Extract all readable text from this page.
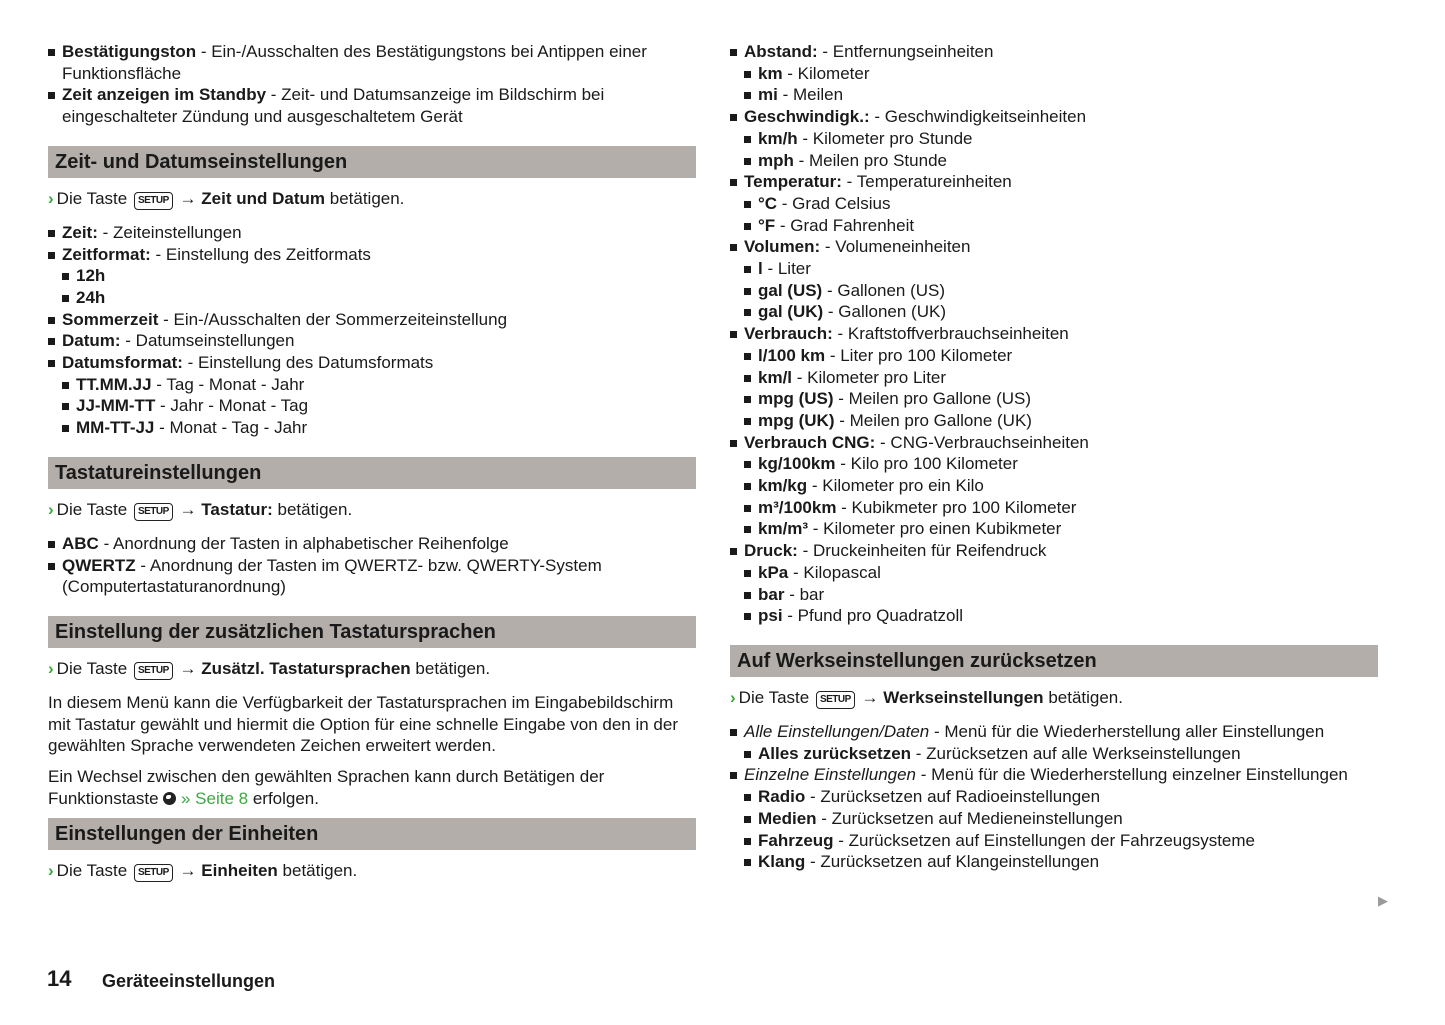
Bestätigungston - Ein-/Ausschalten des Bestätigungstons bei Antippen einer Funktionsfläche
Zeit anzeigen im Standby - Zeit- und Datumsanzeige im Bildschirm bei eingeschalteter Zündung und ausgeschaltetem Gerät
Zeit- und Datumseinstellungen
› Die Taste SETUP → Zeit und Datum betätigen.
Zeit: - Zeiteinstellungen
Zeitformat: - Einstellung des Zeitformats
12h
24h
Sommerzeit - Ein-/Ausschalten der Sommerzeiteinstellung
Datum: - Datumseinstellungen
Datumsformat: - Einstellung des Datumsformats
TT.MM.JJ - Tag - Monat - Jahr
JJ-MM-TT - Jahr - Monat - Tag
MM-TT-JJ - Monat - Tag - Jahr
Tastatureinstellungen
› Die Taste SETUP → Tastatur: betätigen.
ABC - Anordnung der Tasten in alphabetischer Reihenfolge
QWERTZ - Anordnung der Tasten im QWERTZ- bzw. QWERTY-System (Computertastaturanordnung)
Einstellung der zusätzlichen Tastatursprachen
› Die Taste SETUP → Zusätzl. Tastatursprachen betätigen.
In diesem Menü kann die Verfügbarkeit der Tastatursprachen im Eingabebildschirm mit Tastatur gewählt und hiermit die Option für eine schnelle Eingabe von den in der gewählten Sprache verwendeten Zeichen erweitert werden.
Ein Wechsel zwischen den gewählten Sprachen kann durch Betätigen der Funktionstaste  » Seite 8 erfolgen.
Einstellungen der Einheiten
› Die Taste SETUP → Einheiten betätigen.
Abstand: - Entfernungseinheiten
km - Kilometer
mi - Meilen
Geschwindigk.: - Geschwindigkeitseinheiten
km/h - Kilometer pro Stunde
mph - Meilen pro Stunde
Temperatur: - Temperatureinheiten
°C - Grad Celsius
°F - Grad Fahrenheit
Volumen: - Volumeneinheiten
l - Liter
gal (US) - Gallonen (US)
gal (UK) - Gallonen (UK)
Verbrauch: - Kraftstoffverbrauchseinheiten
l/100 km - Liter pro 100 Kilometer
km/l - Kilometer pro Liter
mpg (US) - Meilen pro Gallone (US)
mpg (UK) - Meilen pro Gallone (UK)
Verbrauch CNG: - CNG-Verbrauchseinheiten
kg/100km - Kilo pro 100 Kilometer
km/kg - Kilometer pro ein Kilo
m³/100km - Kubikmeter pro 100 Kilometer
km/m³ - Kilometer pro einen Kubikmeter
Druck: - Druckeinheiten für Reifendruck
kPa - Kilopascal
bar - bar
psi - Pfund pro Quadratzoll
Auf Werkseinstellungen zurücksetzen
› Die Taste SETUP → Werkseinstellungen betätigen.
Alle Einstellungen/Daten - Menü für die Wiederherstellung aller Einstellungen
Alles zurücksetzen - Zurücksetzen auf alle Werkseinstellungen
Einzelne Einstellungen - Menü für die Wiederherstellung einzelner Einstellungen
Radio - Zurücksetzen auf Radioeinstellungen
Medien - Zurücksetzen auf Medieneinstellungen
Fahrzeug - Zurücksetzen auf Einstellungen der Fahrzeugsysteme
Klang - Zurücksetzen auf Klangeinstellungen
14 Geräteeinstellungen
▶
